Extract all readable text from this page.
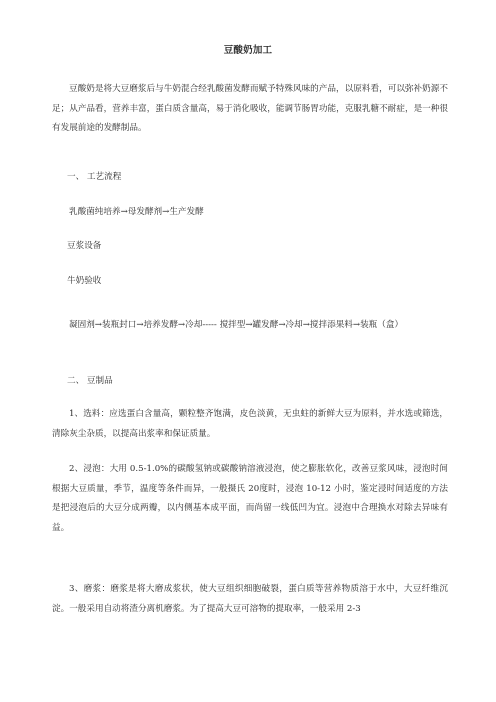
豆酸奶加工
豆酸奶是将大豆磨浆后与牛奶混合经乳酸菌发酵而赋予特殊风味的产品，以原料看，可以弥补奶源不足；从产品看，营养丰富，蛋白质含量高，易于消化吸收，能调节肠胃功能，克服乳糖不耐症，是一种很有发展前途的发酵制品。
一、 工艺流程
乳酸菌纯培养→母发酵剂→生产发酵
豆浆设备
牛奶验收
凝固剂→装瓶封口→培养发酵→冷却----- 搅拌型→罐发酵→冷却→搅拌添果料→装瓶（盒）
二、 豆制品
1、选料：应选蛋白含量高，颗粒整齐饱满，皮色淡黄，无虫蛀的新鲜大豆为原料，并水选或筛选，清除灰尘杂质，以提高出浆率和保证质量。
2、浸泡：大用 0.5-1.0%的碳酸氢钠或碳酸钠溶液浸泡，使之膨胀软化，改善豆浆风味，浸泡时间根据大豆质量，季节，温度等条件而异，一般摄氏 20度时，浸泡 10-12 小时，鉴定浸时间适度的方法是把浸泡后的大豆分成两瓣，以内侧基本成平面，而尚留一线低凹为宜。浸泡中合理换水对除去异味有益。
3、磨浆：磨浆是将大磨成浆状，使大豆组织细胞破裂，蛋白质等营养物质溶于水中，大豆纤维沉淀。一般采用自动将渣分离机磨浆。为了提高大豆可溶物的提取率，一般采用 2-3
